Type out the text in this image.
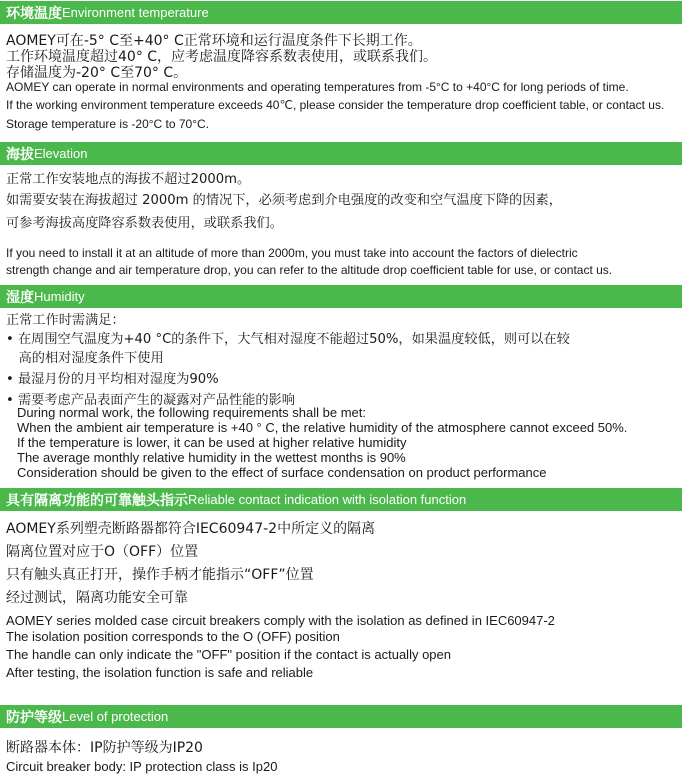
环境温度 Environment temperature
AOMEY可在-5° C至+40° C正常环境和运行温度条件下长期工作。
工作环境温度超过40° C，应考虑温度降容系数表使用，或联系我们。
存储温度为-20° C至70° C。
AOMEY can operate in normal environments and operating temperatures from -5°C to +40°C for long periods of time.
If the working environment temperature exceeds 40℃, please consider the temperature drop coefficient table, or contact us.
Storage temperature is -20°C to 70°C.
海拔 Elevation
正常工作安装地点的海拔不超过2000m。
如需要安装在海拔超过 2000m 的情况下，必须考虑到介电强度的改变和空气温度下降的因素，
可参考海拔高度降容系数表使用，或联系我们。
If you need to install it at an altitude of more than 2000m, you must take into account the factors of dielectric
strength change and air temperature drop, you can refer to the altitude drop coefficient table for use, or contact us.
湿度 Humidity
正常工作时需满足：
• 在周围空气温度为+40 °C的条件下，大气相对湿度不能超过50%，如果温度较低，则可以在较
高的相对湿度条件下使用
• 最湿月份的月平均相对湿度为90%
• 需要考虑产品表面产生的凝露对产品性能的影响
During normal work, the following requirements shall be met:
When the ambient air temperature is +40 ° C, the relative humidity of the atmosphere cannot exceed 50%.
If the temperature is lower, it can be used at higher relative humidity
The average monthly relative humidity in the wettest months is 90%
Consideration should be given to the effect of surface condensation on product performance
具有隔离功能的可靠触头指示 Reliable contact indication with isolation function
AOMEY系列塑壳断路器都符合IEC60947-2中所定义的隔离
隔离位置对应于O（OFF）位置
只有触头真正打开，操作手柄才能指示“OFF”位置
经过测试，隔离功能安全可靠
AOMEY series molded case circuit breakers comply with the isolation as defined in IEC60947-2
The isolation position corresponds to the O (OFF) position
The handle can only indicate the "OFF" position if the contact is actually open
After testing, the isolation function is safe and reliable
防护等级 Level of protection
断路器本体：IP防护等级为IP20
Circuit breaker body: IP protection class is Ip20
